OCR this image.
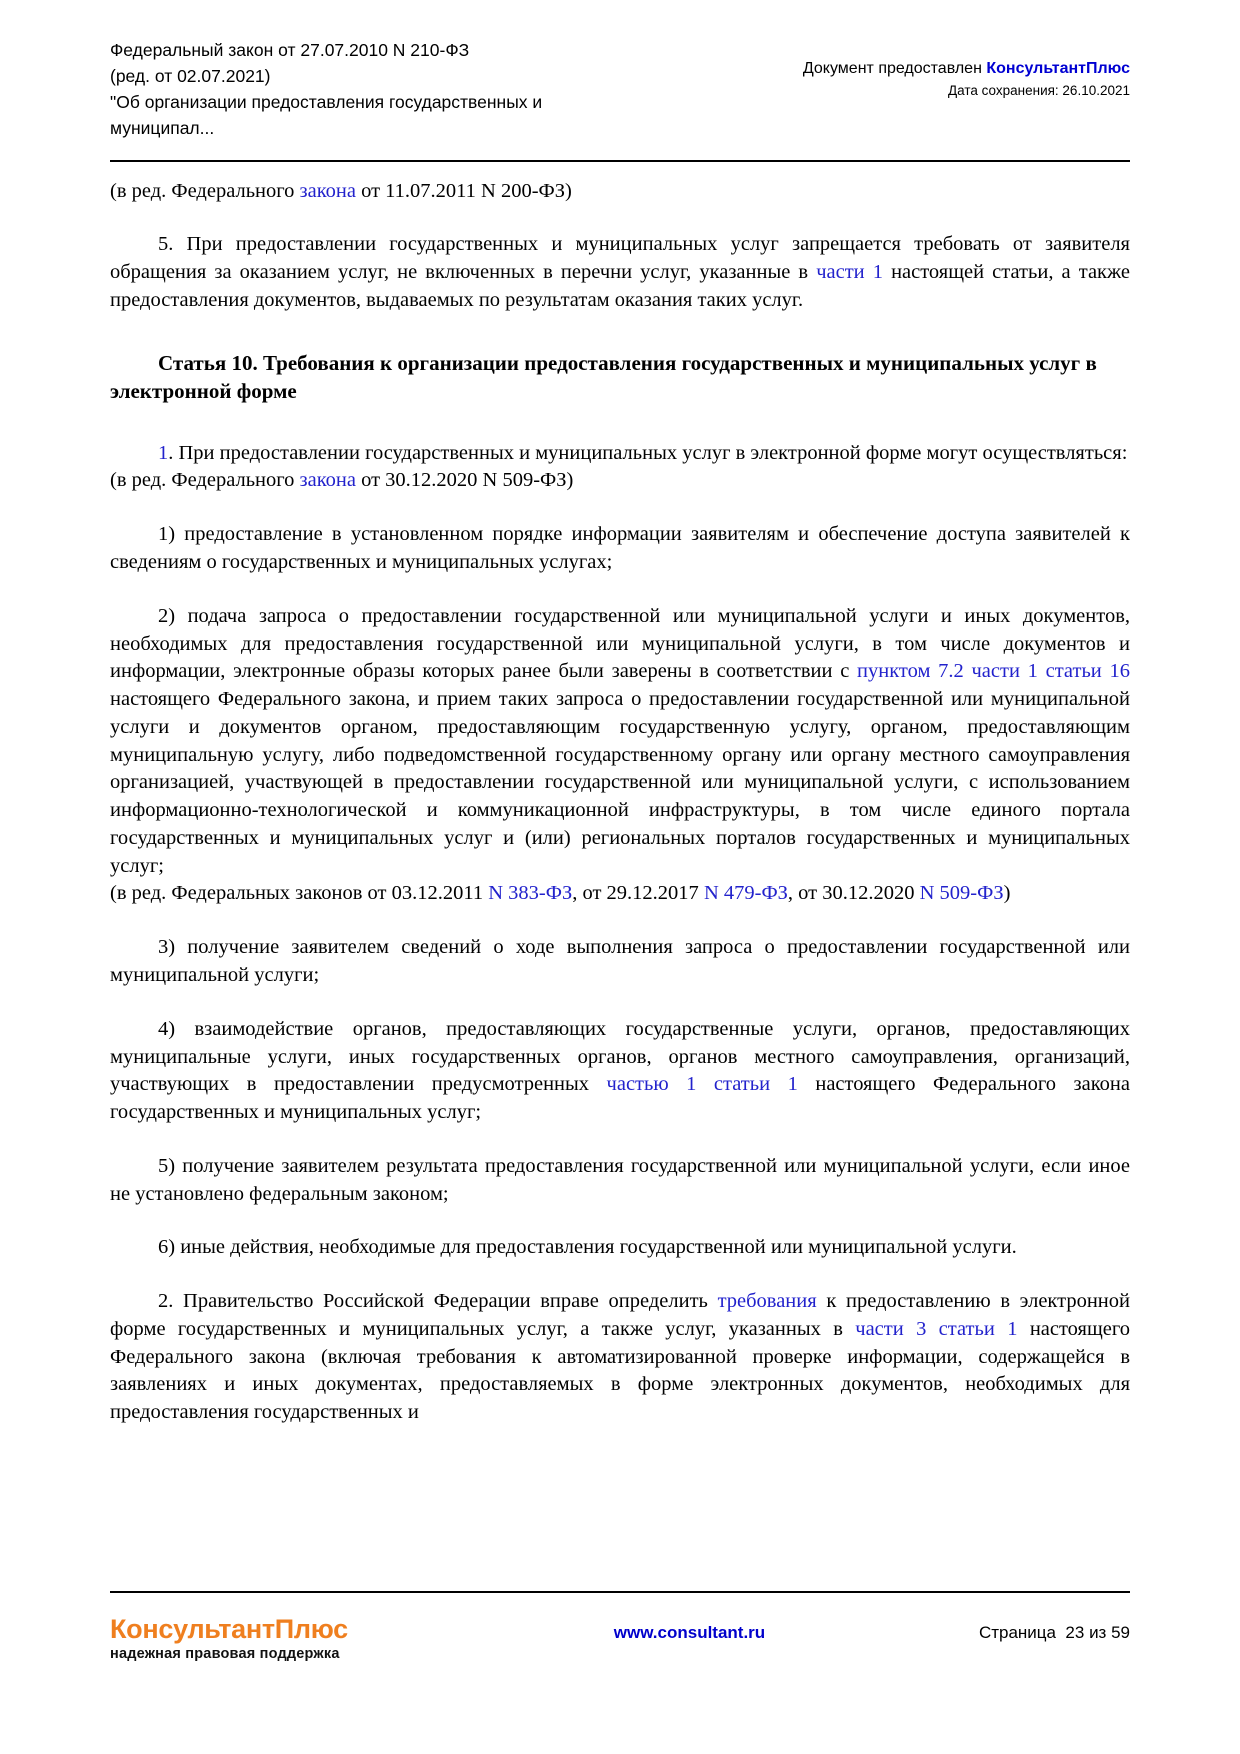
Федеральный закон от 27.07.2010 N 210-ФЗ
(ред. от 02.07.2021)
"Об организации предоставления государственных и
муниципал...
Документ предоставлен КонсультантПлюс
Дата сохранения: 26.10.2021

(в ред. Федерального закона от 11.07.2011 N 200-ФЗ)

5. При предоставлении государственных и муниципальных услуг запрещается требовать от заявителя обращения за оказанием услуг, не включенных в перечни услуг, указанные в части 1 настоящей статьи, а также предоставления документов, выдаваемых по результатам оказания таких услуг.

Статья 10. Требования к организации предоставления государственных и муниципальных услуг в электронной форме

1. При предоставлении государственных и муниципальных услуг в электронной форме могут осуществляться:

(в ред. Федерального закона от 30.12.2020 N 509-ФЗ)

1) предоставление в установленном порядке информации заявителям и обеспечение доступа заявителей к сведениям о государственных и муниципальных услугах;

2) подача запроса о предоставлении государственной или муниципальной услуги и иных документов, необходимых для предоставления государственной или муниципальной услуги, в том числе документов и информации, электронные образы которых ранее были заверены в соответствии с пунктом 7.2 части 1 статьи 16 настоящего Федерального закона, и прием таких запроса о предоставлении государственной или муниципальной услуги и документов органом, предоставляющим государственную услугу, органом, предоставляющим муниципальную услугу, либо подведомственной государственному органу или органу местного самоуправления организацией, участвующей в предоставлении государственной или муниципальной услуги, с использованием информационно-технологической и коммуникационной инфраструктуры, в том числе единого портала государственных и муниципальных услуг и (или) региональных порталов государственных и муниципальных услуг;

(в ред. Федеральных законов от 03.12.2011 N 383-ФЗ, от 29.12.2017 N 479-ФЗ, от 30.12.2020 N 509-ФЗ)

3) получение заявителем сведений о ходе выполнения запроса о предоставлении государственной или муниципальной услуги;

4) взаимодействие органов, предоставляющих государственные услуги, органов, предоставляющих муниципальные услуги, иных государственных органов, органов местного самоуправления, организаций, участвующих в предоставлении предусмотренных частью 1 статьи 1 настоящего Федерального закона государственных и муниципальных услуг;

5) получение заявителем результата предоставления государственной или муниципальной услуги, если иное не установлено федеральным законом;

6) иные действия, необходимые для предоставления государственной или муниципальной услуги.

2. Правительство Российской Федерации вправе определить требования к предоставлению в электронной форме государственных и муниципальных услуг, а также услуг, указанных в части 3 статьи 1 настоящего Федерального закона (включая требования к автоматизированной проверке информации, содержащейся в заявлениях и иных документах, предоставляемых в форме электронных документов, необходимых для предоставления государственных и

КонсультантПлюс
надежная правовая поддержка
www.consultant.ru	Страница  23 из 59
